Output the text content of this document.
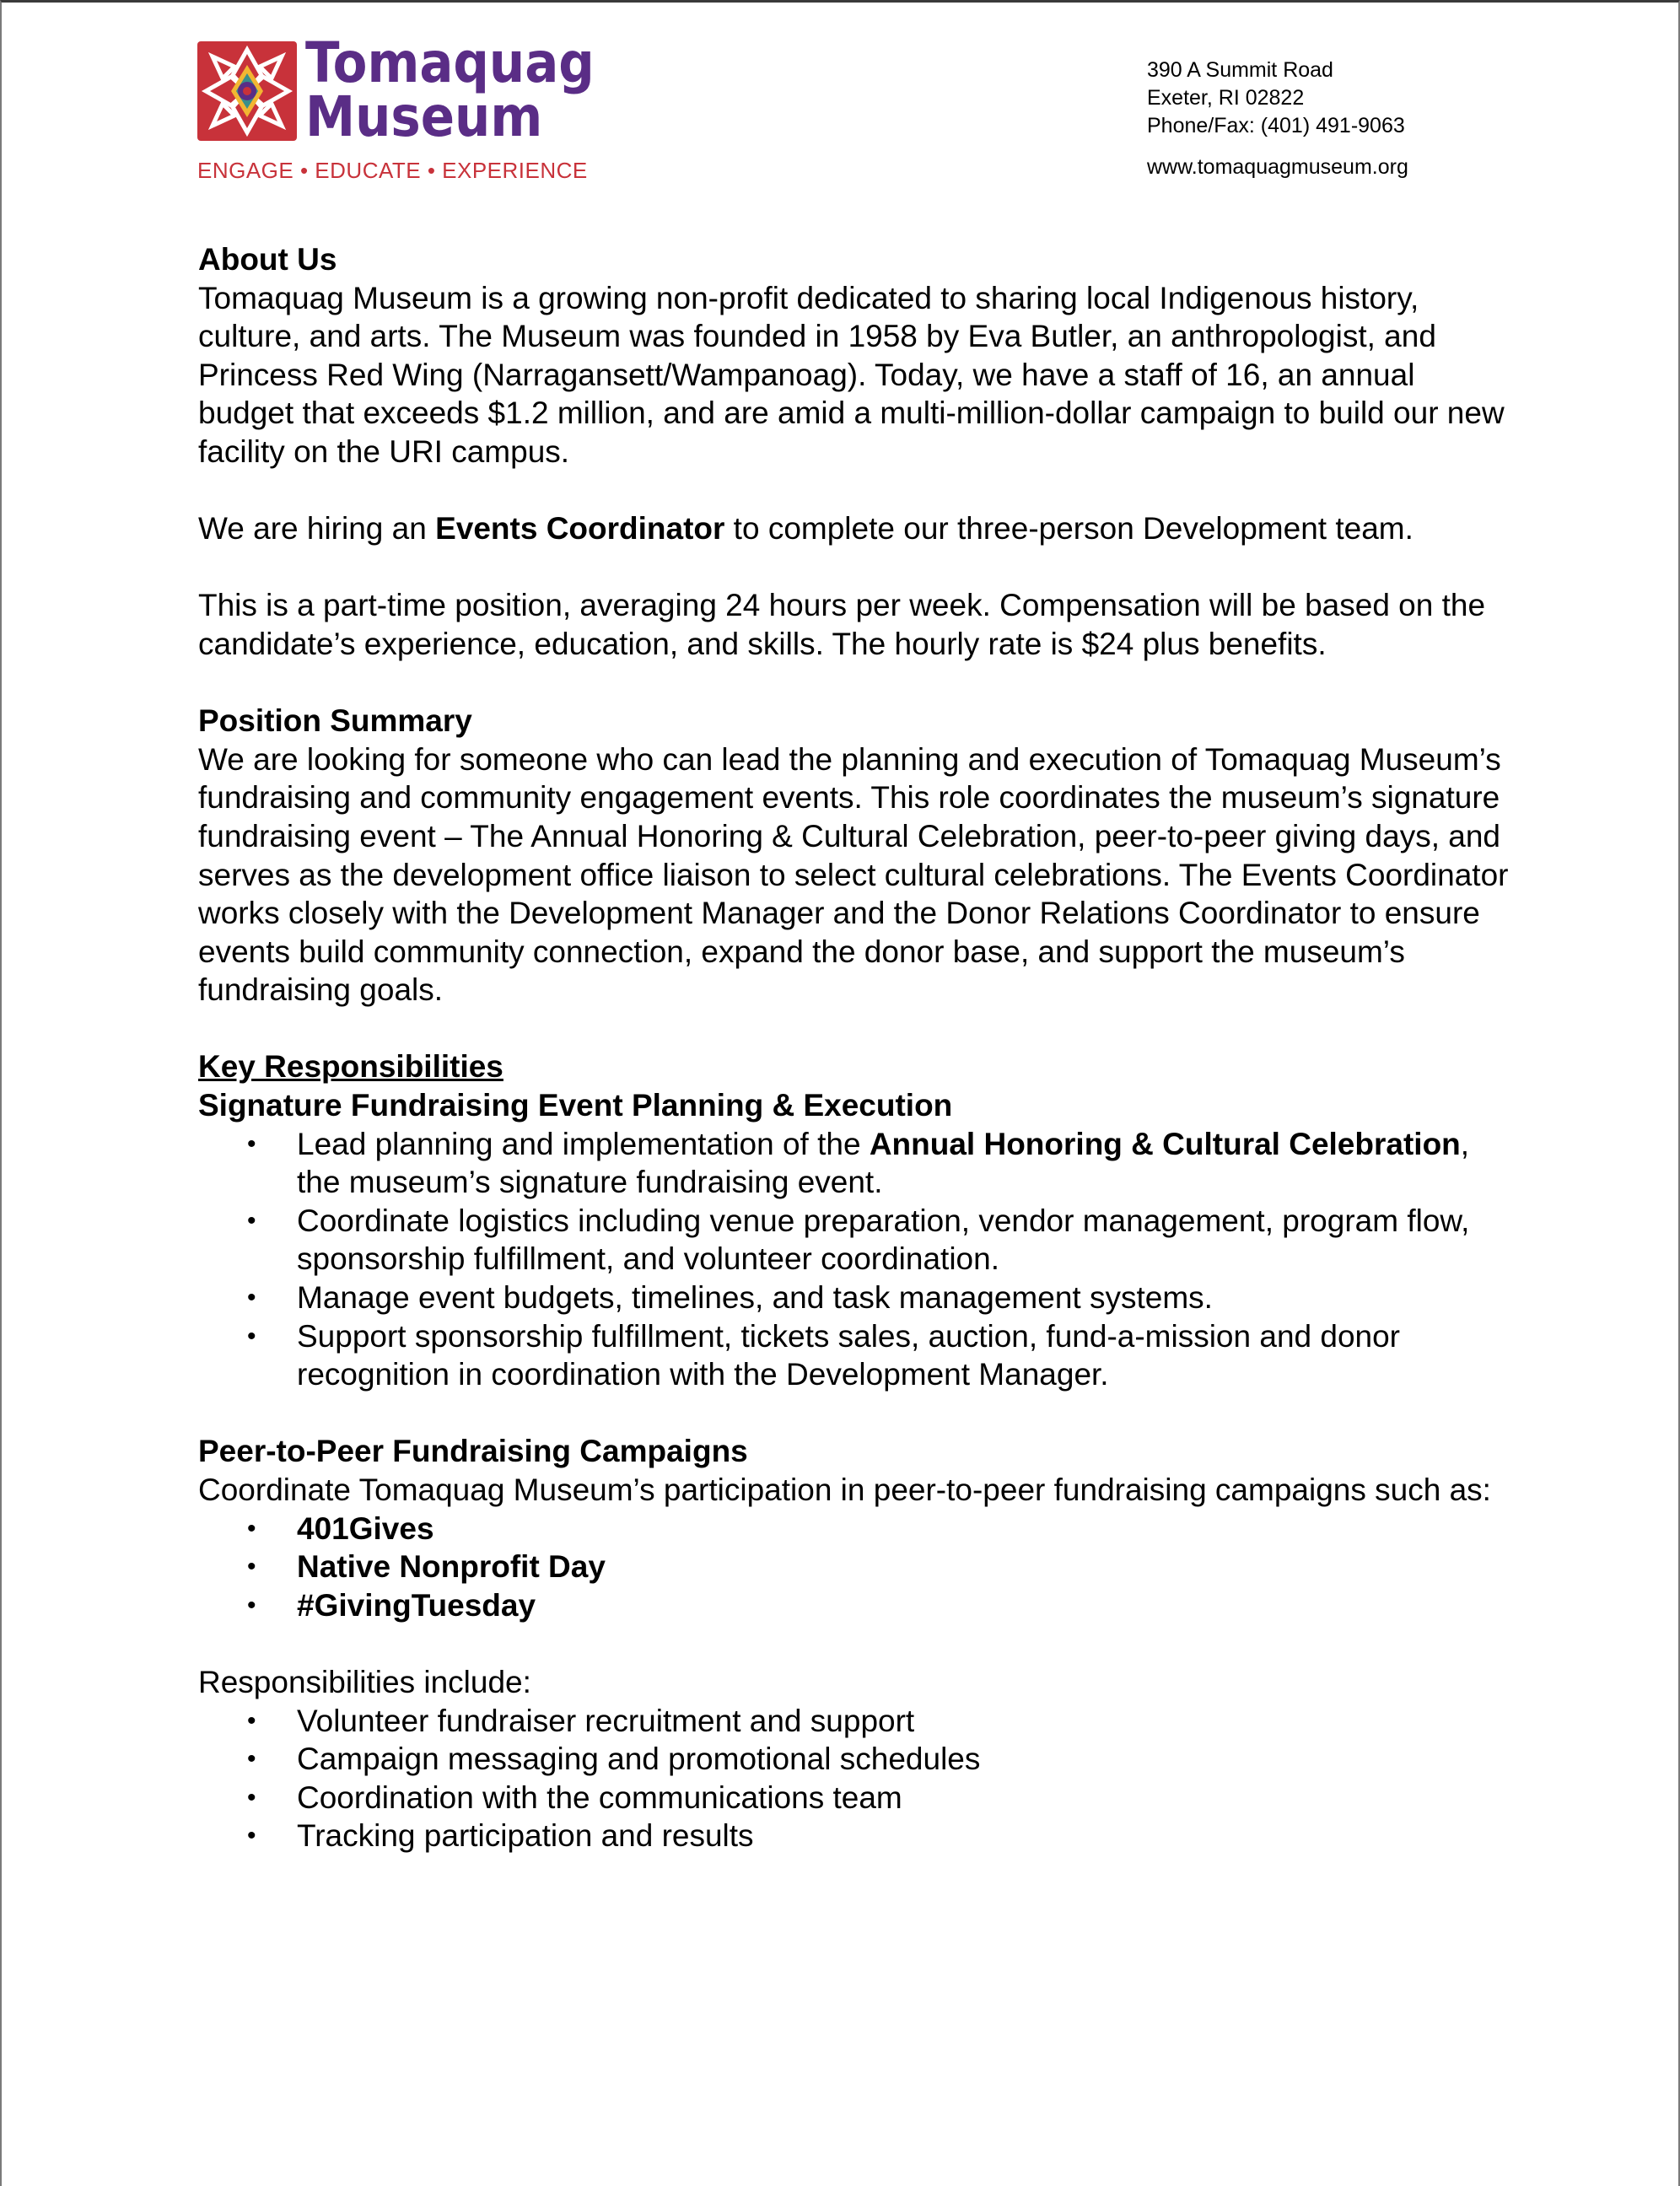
Tomaquag
Museum
ENGAGE • EDUCATE • EXPERIENCE
390 A Summit Road
Exeter, RI 02822
Phone/Fax: (401) 491-9063
www.tomaquagmuseum.org

About Us

Tomaquag Museum is a growing non-profit dedicated to sharing local Indigenous history, culture, and arts. The Museum was founded in 1958 by Eva Butler, an anthropologist, and Princess Red Wing (Narragansett/Wampanoag). Today, we have a staff of 16, an annual budget that exceeds $1.2 million, and are amid a multi-million-dollar campaign to build our new facility on the URI campus.

We are hiring an Events Coordinator to complete our three-person Development team.

This is a part-time position, averaging 24 hours per week. Compensation will be based on the candidate’s experience, education, and skills. The hourly rate is $24 plus benefits.

Position Summary

We are looking for someone who can lead the planning and execution of Tomaquag Museum’s fundraising and community engagement events. This role coordinates the museum’s signature fundraising event – The Annual Honoring & Cultural Celebration, peer-to-peer giving days, and serves as the development office liaison to select cultural celebrations. The Events Coordinator works closely with the Development Manager and the Donor Relations Coordinator to ensure events build community connection, expand the donor base, and support the museum’s fundraising goals.

Key Responsibilities

Signature Fundraising Event Planning & Execution

• Lead planning and implementation of the Annual Honoring & Cultural Celebration, the museum’s signature fundraising event.
• Coordinate logistics including venue preparation, vendor management, program flow, sponsorship fulfillment, and volunteer coordination.
• Manage event budgets, timelines, and task management systems.
• Support sponsorship fulfillment, tickets sales, auction, fund-a-mission and donor recognition in coordination with the Development Manager.

Peer-to-Peer Fundraising Campaigns

Coordinate Tomaquag Museum’s participation in peer-to-peer fundraising campaigns such as:

• 401Gives
• Native Nonprofit Day
• #GivingTuesday

Responsibilities include:

• Volunteer fundraiser recruitment and support
• Campaign messaging and promotional schedules
• Coordination with the communications team
• Tracking participation and results
